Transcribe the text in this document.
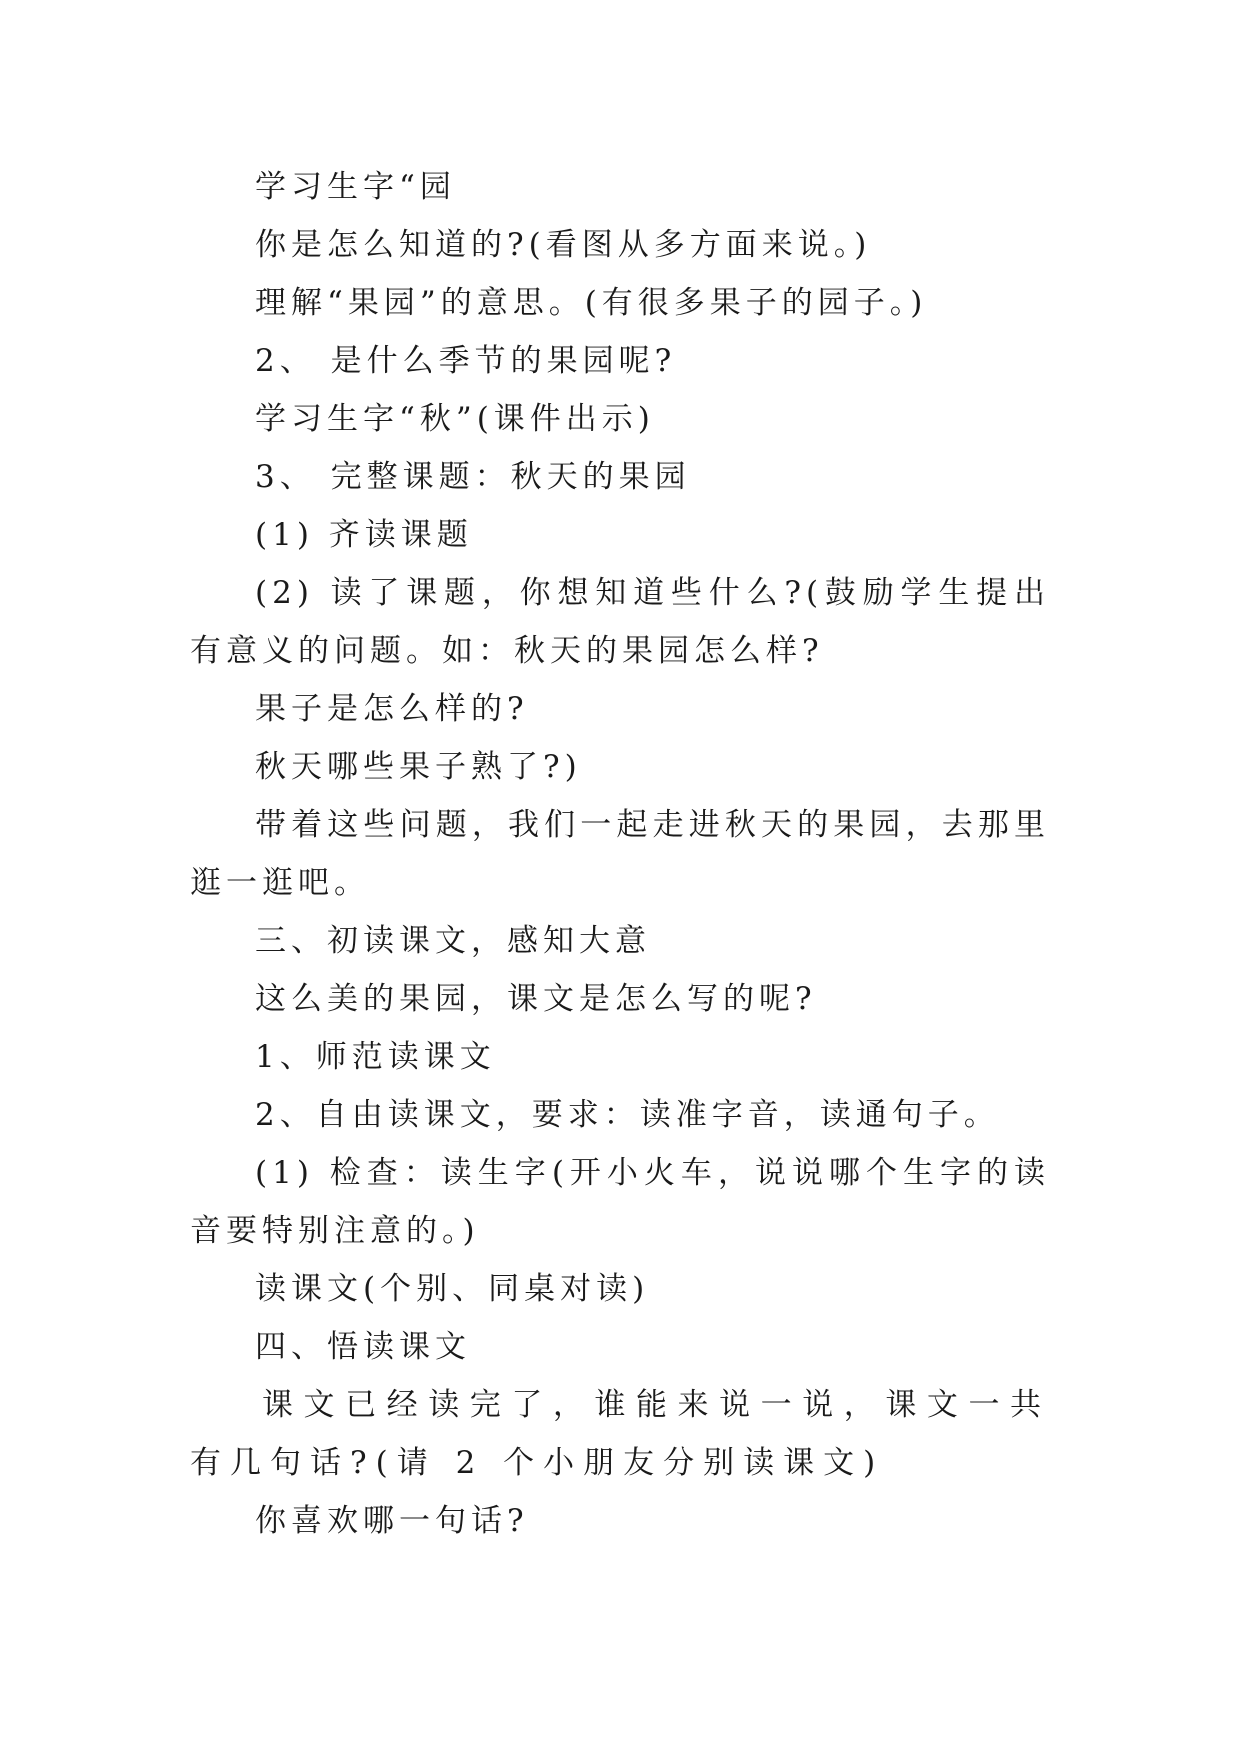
学习生字“园

你是怎么知道的?(看图从多方面来说。)

理解“果园”的意思。(有很多果子的园子。)

2、 是什么季节的果园呢?

学习生字“秋”(课件出示)

3、 完整课题：秋天的果园

(1) 齐读课题

(2) 读了课题，你想知道些什么?(鼓励学生提出有意义的问题。如：秋天的果园怎么样?

果子是怎么样的?

秋天哪些果子熟了?)

带着这些问题，我们一起走进秋天的果园，去那里逛一逛吧。

三、初读课文，感知大意

这么美的果园，课文是怎么写的呢?

1、师范读课文

2、自由读课文，要求：读准字音，读通句子。

(1) 检查：读生字(开小火车，说说哪个生字的读音要特别注意的。)

读课文(个别、同桌对读)

四、悟读课文

课文已经读完了，谁能来说一说，课文一共有几句话?(请 2 个小朋友分别读课文)

你喜欢哪一句话?
